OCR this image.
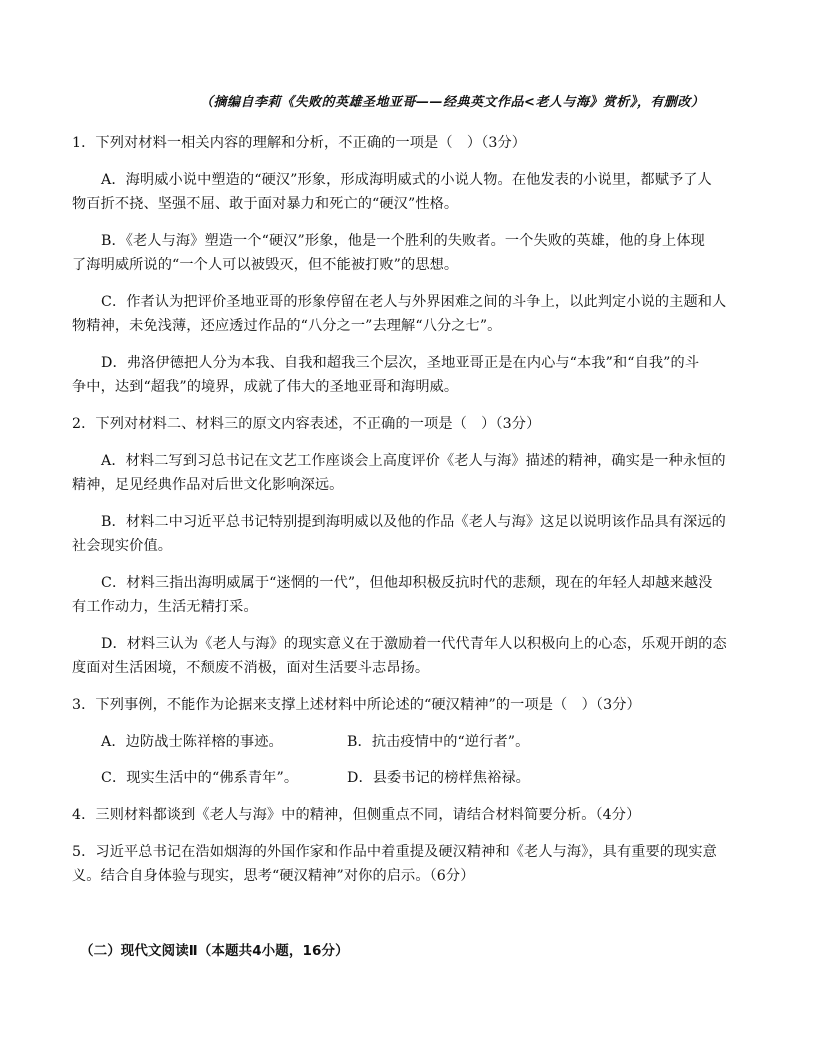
（摘编自李莉《失败的英雄圣地亚哥——经典英文作品<老人与海》赏析》，有删改）
1．下列对材料一相关内容的理解和分析，不正确的一项是（　）（3分）
A．海明威小说中塑造的“硬汉”形象，形成海明威式的小说人物。在他发表的小说里，都赋予了人
物百折不挠、坚强不屈、敢于面对暴力和死亡的“硬汉”性格。
B．《老人与海》塑造一个“硬汉”形象，他是一个胜利的失败者。一个失败的英雄，他的身上体现
了海明威所说的“一个人可以被毁灭，但不能被打败”的思想。
C．作者认为把评价圣地亚哥的形象停留在老人与外界困难之间的斗争上，以此判定小说的主题和人
物精神，未免浅薄，还应透过作品的“八分之一”去理解“八分之七”。
D．弗洛伊德把人分为本我、自我和超我三个层次，圣地亚哥正是在内心与“本我”和“自我”的斗
争中，达到“超我”的境界，成就了伟大的圣地亚哥和海明威。
2．下列对材料二、材料三的原文内容表述，不正确的一项是（　）（3分）
A．材料二写到习总书记在文艺工作座谈会上高度评价《老人与海》描述的精神，确实是一种永恒的
精神，足见经典作品对后世文化影响深远。
B．材料二中习近平总书记特别提到海明威以及他的作品《老人与海》这足以说明该作品具有深远的
社会现实价值。
C．材料三指出海明威属于“迷惘的一代”，但他却积极反抗时代的悲颓，现在的年轻人却越来越没
有工作动力，生活无精打采。
D．材料三认为《老人与海》的现实意义在于激励着一代代青年人以积极向上的心态，乐观开朗的态
度面对生活困境，不颓废不消极，面对生活要斗志昂扬。
3．下列事例，不能作为论据来支撑上述材料中所论述的“硬汉精神”的一项是（　）（3分）
A．边防战士陈祥榕的事迹。	B．抗击疫情中的“逆行者”。
C．现实生活中的“佛系青年”。	D．县委书记的榜样焦裕禄。
4．三则材料都谈到《老人与海》中的精神，但侧重点不同，请结合材料简要分析。（4分）
5．习近平总书记在浩如烟海的外国作家和作品中着重提及硬汉精神和《老人与海》，具有重要的现实意
义。结合自身体验与现实，思考“硬汉精神”对你的启示。（6分）
（二）现代文阅读Ⅱ（本题共4小题，16分）
